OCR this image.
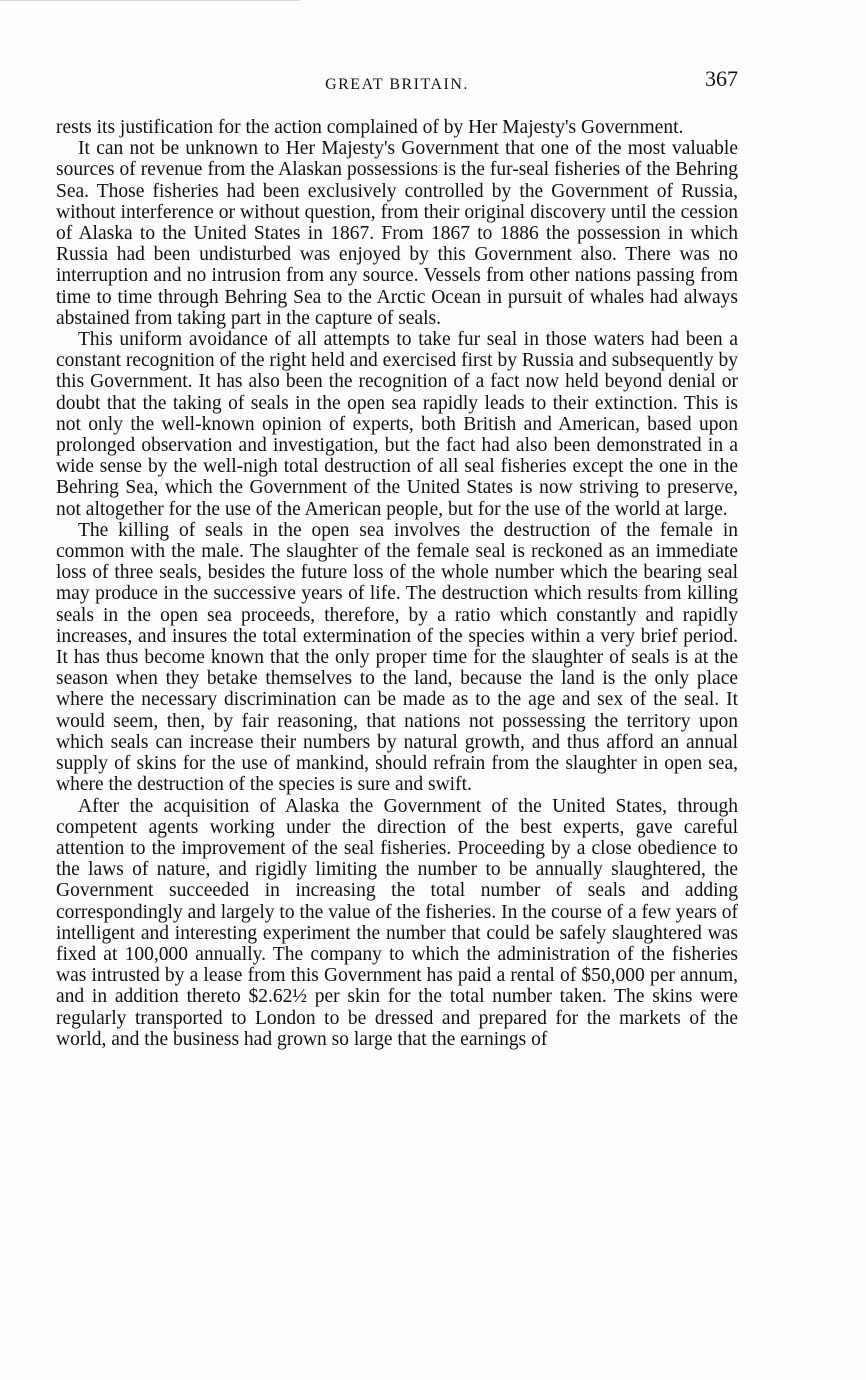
GREAT BRITAIN.	367

rests its justification for the action complained of by Her Majesty's Government.

It can not be unknown to Her Majesty's Government that one of the most valuable sources of revenue from the Alaskan possessions is the fur-seal fisheries of the Behring Sea. Those fisheries had been exclusively controlled by the Government of Russia, without interference or without question, from their original discovery until the cession of Alaska to the United States in 1867. From 1867 to 1886 the possession in which Russia had been undisturbed was enjoyed by this Government also. There was no interruption and no intrusion from any source. Vessels from other nations passing from time to time through Behring Sea to the Arctic Ocean in pursuit of whales had always abstained from taking part in the capture of seals.

This uniform avoidance of all attempts to take fur seal in those waters had been a constant recognition of the right held and exercised first by Russia and subsequently by this Government. It has also been the recognition of a fact now held beyond denial or doubt that the taking of seals in the open sea rapidly leads to their extinction. This is not only the well-known opinion of experts, both British and American, based upon prolonged observation and investigation, but the fact had also been demonstrated in a wide sense by the well-nigh total destruction of all seal fisheries except the one in the Behring Sea, which the Government of the United States is now striving to preserve, not altogether for the use of the American people, but for the use of the world at large.

The killing of seals in the open sea involves the destruction of the female in common with the male. The slaughter of the female seal is reckoned as an immediate loss of three seals, besides the future loss of the whole number which the bearing seal may produce in the successive years of life. The destruction which results from killing seals in the open sea proceeds, therefore, by a ratio which constantly and rapidly increases, and insures the total extermination of the species within a very brief period. It has thus become known that the only proper time for the slaughter of seals is at the season when they betake themselves to the land, because the land is the only place where the necessary discrimination can be made as to the age and sex of the seal. It would seem, then, by fair reasoning, that nations not possessing the territory upon which seals can increase their numbers by natural growth, and thus afford an annual supply of skins for the use of mankind, should refrain from the slaughter in open sea, where the destruction of the species is sure and swift.

After the acquisition of Alaska the Government of the United States, through competent agents working under the direction of the best experts, gave careful attention to the improvement of the seal fisheries. Proceeding by a close obedience to the laws of nature, and rigidly limiting the number to be annually slaughtered, the Government succeeded in increasing the total number of seals and adding correspondingly and largely to the value of the fisheries. In the course of a few years of intelligent and interesting experiment the number that could be safely slaughtered was fixed at 100,000 annually. The company to which the administration of the fisheries was intrusted by a lease from this Government has paid a rental of $50,000 per annum, and in addition thereto $2.62½ per skin for the total number taken. The skins were regularly transported to London to be dressed and prepared for the markets of the world, and the business had grown so large that the earnings of
